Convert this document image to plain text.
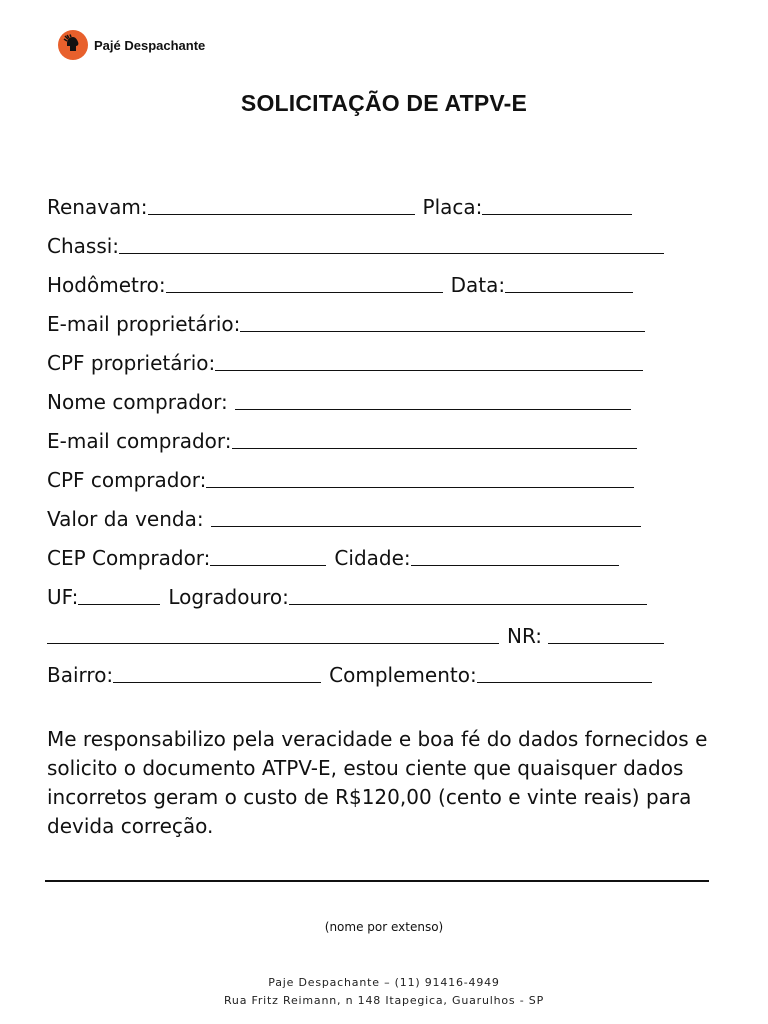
Pajé Despachante
SOLICITAÇÃO DE ATPV-E
Renavam:	Placa:
Chassi:
Hodômetro:	Data:
E-mail proprietário:
CPF proprietário:
Nome comprador:
E-mail comprador:
CPF comprador:
Valor da venda:
CEP Comprador:	Cidade:
UF:	Logradouro:
NR:
Bairro:	Complemento:
Me responsabilizo pela veracidade e boa fé do dados fornecidos e solicito o documento ATPV-E, estou ciente que quaisquer dados incorretos geram o custo de R$120,00 (cento e vinte reais) para devida correção.
(nome por extenso)
Paje Despachante – (11) 91416-4949
Rua Fritz Reimann, n 148 Itapegica, Guarulhos - SP
